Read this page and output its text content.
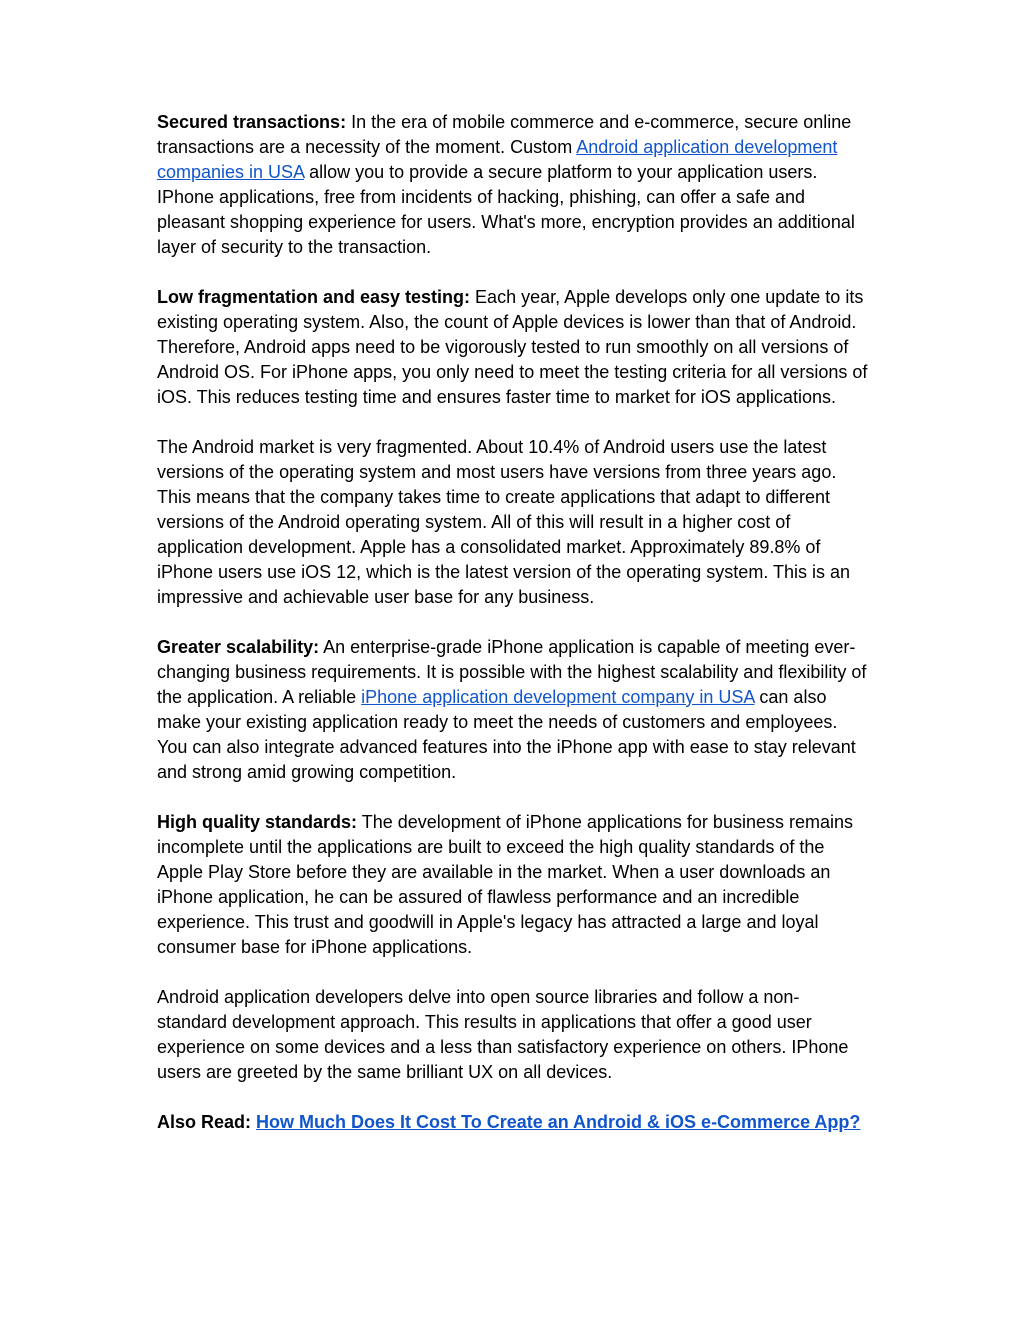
Secured transactions: In the era of mobile commerce and e-commerce, secure online transactions are a necessity of the moment. Custom Android application development companies in USA allow you to provide a secure platform to your application users. IPhone applications, free from incidents of hacking, phishing, can offer a safe and pleasant shopping experience for users. What's more, encryption provides an additional layer of security to the transaction.

Low fragmentation and easy testing: Each year, Apple develops only one update to its existing operating system. Also, the count of Apple devices is lower than that of Android. Therefore, Android apps need to be vigorously tested to run smoothly on all versions of Android OS. For iPhone apps, you only need to meet the testing criteria for all versions of iOS. This reduces testing time and ensures faster time to market for iOS applications.

The Android market is very fragmented. About 10.4% of Android users use the latest versions of the operating system and most users have versions from three years ago. This means that the company takes time to create applications that adapt to different versions of the Android operating system. All of this will result in a higher cost of application development. Apple has a consolidated market. Approximately 89.8% of iPhone users use iOS 12, which is the latest version of the operating system. This is an impressive and achievable user base for any business.

Greater scalability: An enterprise-grade iPhone application is capable of meeting ever-changing business requirements. It is possible with the highest scalability and flexibility of the application. A reliable iPhone application development company in USA can also make your existing application ready to meet the needs of customers and employees. You can also integrate advanced features into the iPhone app with ease to stay relevant and strong amid growing competition.

High quality standards: The development of iPhone applications for business remains incomplete until the applications are built to exceed the high quality standards of the Apple Play Store before they are available in the market. When a user downloads an iPhone application, he can be assured of flawless performance and an incredible experience. This trust and goodwill in Apple's legacy has attracted a large and loyal consumer base for iPhone applications.

Android application developers delve into open source libraries and follow a non-standard development approach. This results in applications that offer a good user experience on some devices and a less than satisfactory experience on others. IPhone users are greeted by the same brilliant UX on all devices.

Also Read: How Much Does It Cost To Create an Android & iOS e-Commerce App?
